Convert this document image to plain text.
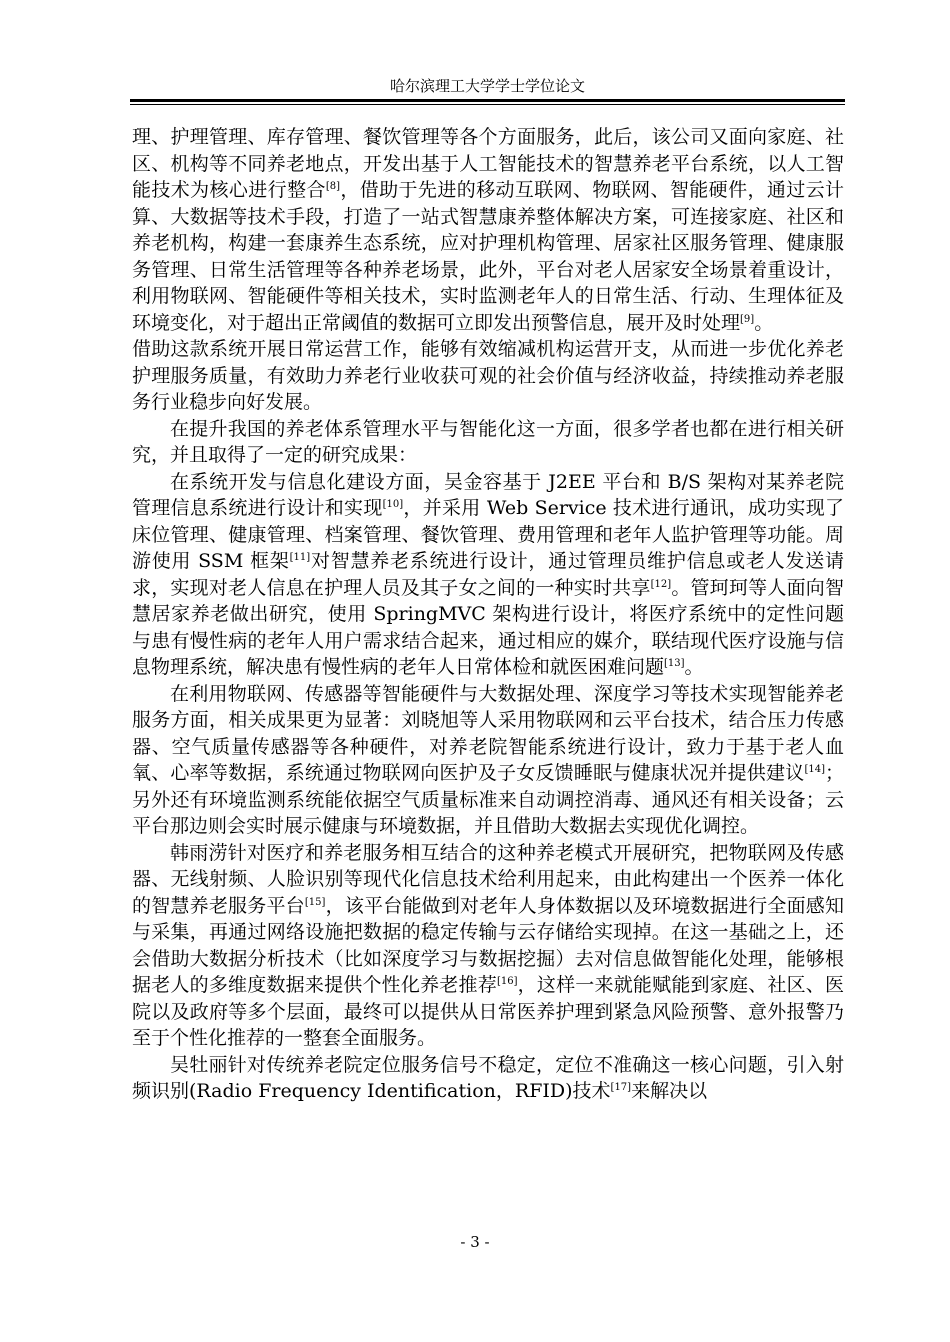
哈尔滨理工大学学士学位论文

理、护理管理、库存管理、餐饮管理等各个方面服务，此后，该公司又面向家庭、社区、机构等不同养老地点，开发出基于人工智能技术的智慧养老平台系统，以人工智能技术为核心进行整合[8]，借助于先进的移动互联网、物联网、智能硬件，通过云计算、大数据等技术手段，打造了一站式智慧康养整体解决方案，可连接家庭、社区和养老机构，构建一套康养生态系统，应对护理机构管理、居家社区服务管理、健康服务管理、日常生活管理等各种养老场景，此外，平台对老人居家安全场景着重设计，利用物联网、智能硬件等相关技术，实时监测老年人的日常生活、行动、生理体征及环境变化，对于超出正常阈值的数据可立即发出预警信息，展开及时处理[9]。

借助这款系统开展日常运营工作，能够有效缩减机构运营开支，从而进一步优化养老护理服务质量，有效助力养老行业收获可观的社会价值与经济收益，持续推动养老服务行业稳步向好发展。

在提升我国的养老体系管理水平与智能化这一方面，很多学者也都在进行相关研究，并且取得了一定的研究成果：

在系统开发与信息化建设方面，吴金容基于 J2EE 平台和 B/S 架构对某养老院管理信息系统进行设计和实现[10]，并采用 Web Service 技术进行通讯，成功实现了床位管理、健康管理、档案管理、餐饮管理、费用管理和老年人监护管理等功能。周游使用 SSM 框架[11]对智慧养老系统进行设计，通过管理员维护信息或老人发送请求，实现对老人信息在护理人员及其子女之间的一种实时共享[12]。管珂珂等人面向智慧居家养老做出研究，使用 SpringMVC 架构进行设计，将医疗系统中的定性问题与患有慢性病的老年人用户需求结合起来，通过相应的媒介，联结现代医疗设施与信息物理系统，解决患有慢性病的老年人日常体检和就医困难问题[13]。

在利用物联网、传感器等智能硬件与大数据处理、深度学习等技术实现智能养老服务方面，相关成果更为显著：刘晓旭等人采用物联网和云平台技术，结合压力传感器、空气质量传感器等各种硬件，对养老院智能系统进行设计，致力于基于老人血氧、心率等数据，系统通过物联网向医护及子女反馈睡眠与健康状况并提供建议[14]；另外还有环境监测系统能依据空气质量标准来自动调控消毒、通风还有相关设备；云平台那边则会实时展示健康与环境数据，并且借助大数据去实现优化调控。

韩雨涝针对医疗和养老服务相互结合的这种养老模式开展研究，把物联网及传感器、无线射频、人脸识别等现代化信息技术给利用起来，由此构建出一个医养一体化的智慧养老服务平台[15]，该平台能做到对老年人身体数据以及环境数据进行全面感知与采集，再通过网络设施把数据的稳定传输与云存储给实现掉。在这一基础之上，还会借助大数据分析技术（比如深度学习与数据挖掘）去对信息做智能化处理，能够根据老人的多维度数据来提供个性化养老推荐[16]，这样一来就能赋能到家庭、社区、医院以及政府等多个层面，最终可以提供从日常医养护理到紧急风险预警、意外报警乃至于个性化推荐的一整套全面服务。

吴牡丽针对传统养老院定位服务信号不稳定，定位不准确这一核心问题，引入射频识别(Radio Frequency Identification，RFID)技术[17]来解决以

- 3 -
